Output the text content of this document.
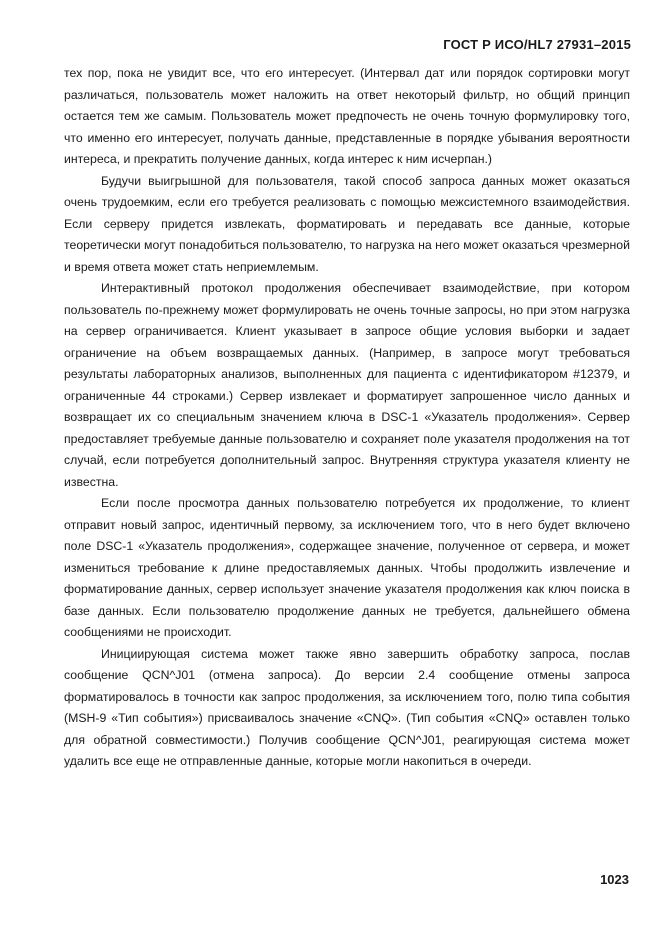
ГОСТ Р ИСО/HL7 27931–2015

тех пор, пока не увидит все, что его интересует. (Интервал дат или порядок сортировки могут различаться, пользователь может наложить на ответ некоторый фильтр, но общий принцип остается тем же самым. Пользователь может предпочесть не очень точную формулировку того, что именно его интересует, получать данные, представленные в порядке убывания вероятности интереса, и прекратить получение данных, когда интерес к ним исчерпан.)

Будучи выигрышной для пользователя, такой способ запроса данных может оказаться очень трудоемким, если его требуется реализовать с помощью межсистемного взаимодействия. Если серверу придется извлекать, форматировать и передавать все данные, которые теоретически могут понадобиться пользователю, то нагрузка на него может оказаться чрезмерной и время ответа может стать неприемлемым.

Интерактивный протокол продолжения обеспечивает взаимодействие, при котором пользователь по-прежнему может формулировать не очень точные запросы, но при этом нагрузка на сервер ограничивается. Клиент указывает в запросе общие условия выборки и задает ограничение на объем возвращаемых данных. (Например, в запросе могут требоваться результаты лабораторных анализов, выполненных для пациента с идентификатором #12379, и ограниченные 44 строками.) Сервер извлекает и форматирует запрошенное число данных и возвращает их со специальным значением ключа в DSC-1 «Указатель продолжения». Сервер предоставляет требуемые данные пользователю и сохраняет поле указателя продолжения на тот случай, если потребуется дополнительный запрос. Внутренняя структура указателя клиенту не известна.

Если после просмотра данных пользователю потребуется их продолжение, то клиент отправит новый запрос, идентичный первому, за исключением того, что в него будет включено поле DSC-1 «Указатель продолжения», содержащее значение, полученное от сервера, и может измениться требование к длине предоставляемых данных. Чтобы продолжить извлечение и форматирование данных, сервер использует значение указателя продолжения как ключ поиска в базе данных. Если пользователю продолжение данных не требуется, дальнейшего обмена сообщениями не происходит.

Инициирующая система может также явно завершить обработку запроса, послав сообщение QCN^J01 (отмена запроса). До версии 2.4 сообщение отмены запроса форматировалось в точности как запрос продолжения, за исключением того, полю типа события (MSH-9 «Тип события») присваивалось значение «CNQ». (Тип события «CNQ» оставлен только для обратной совместимости.) Получив сообщение QCN^J01, реагирующая система может удалить все еще не отправленные данные, которые могли накопиться в очереди.

1023
